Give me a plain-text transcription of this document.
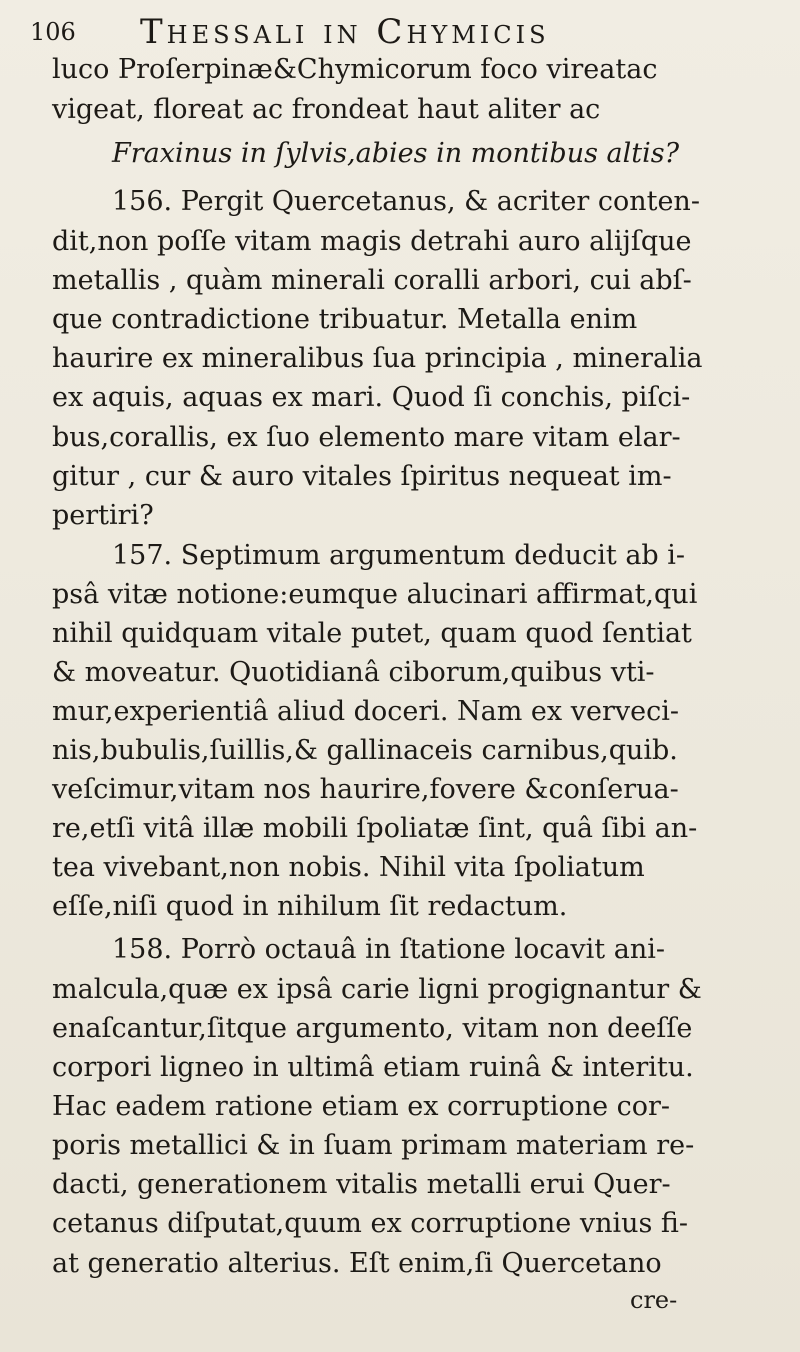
106 Thessali in Chymicis
luco Proſerpinæ&Chymicorum foco vireatac
vigeat, floreat ac frondeat haut aliter ac
Fraxinus in ſylvis,abies in montibus altis?
156. Pergit Quercetanus, & acriter conten-
dit,non poſſe vitam magis detrahi auro alijſque
metallis , quàm minerali coralli arbori, cui abſ-
que contradictione tribuatur. Metalla enim
haurire ex mineralibus ſua principia , mineralia
ex aquis, aquas ex mari. Quod ſi conchis, piſci-
bus,corallis, ex ſuo elemento mare vitam elar-
gitur , cur & auro vitales ſpiritus nequeat im-
pertiri?
157. Septimum argumentum deducit ab i-
psâ vitæ notione:eumque alucinari affirmat,qui
nihil quidquam vitale putet, quam quod ſentiat
& moveatur. Quotidianâ ciborum,quibus vti-
mur,experientiâ aliud doceri. Nam ex verveci-
nis,bubulis,ſuillis,& gallinaceis carnibus,quib.
veſcimur,vitam nos haurire,fovere &conſerua-
re,etſi vitâ illæ mobili ſpoliatæ ſint, quâ ſibi an-
tea vivebant,non nobis. Nihil vita ſpoliatum
eſſe,niſi quod in nihilum ſit redactum.
158. Porrò octauâ in ſtatione locavit ani-
malcula,quæ ex ipsâ carie ligni progignantur &
enaſcantur,ſitque argumento, vitam non deeſſe
corpori ligneo in ultimâ etiam ruinâ & interitu.
Hac eadem ratione etiam ex corruptione cor-
poris metallici & in ſuam primam materiam re-
dacti, generationem vitalis metalli erui Quer-
cetanus diſputat,quum ex corruptione vnius fi-
at generatio alterius. Eſt enim,ſi Quercetano
cre-
